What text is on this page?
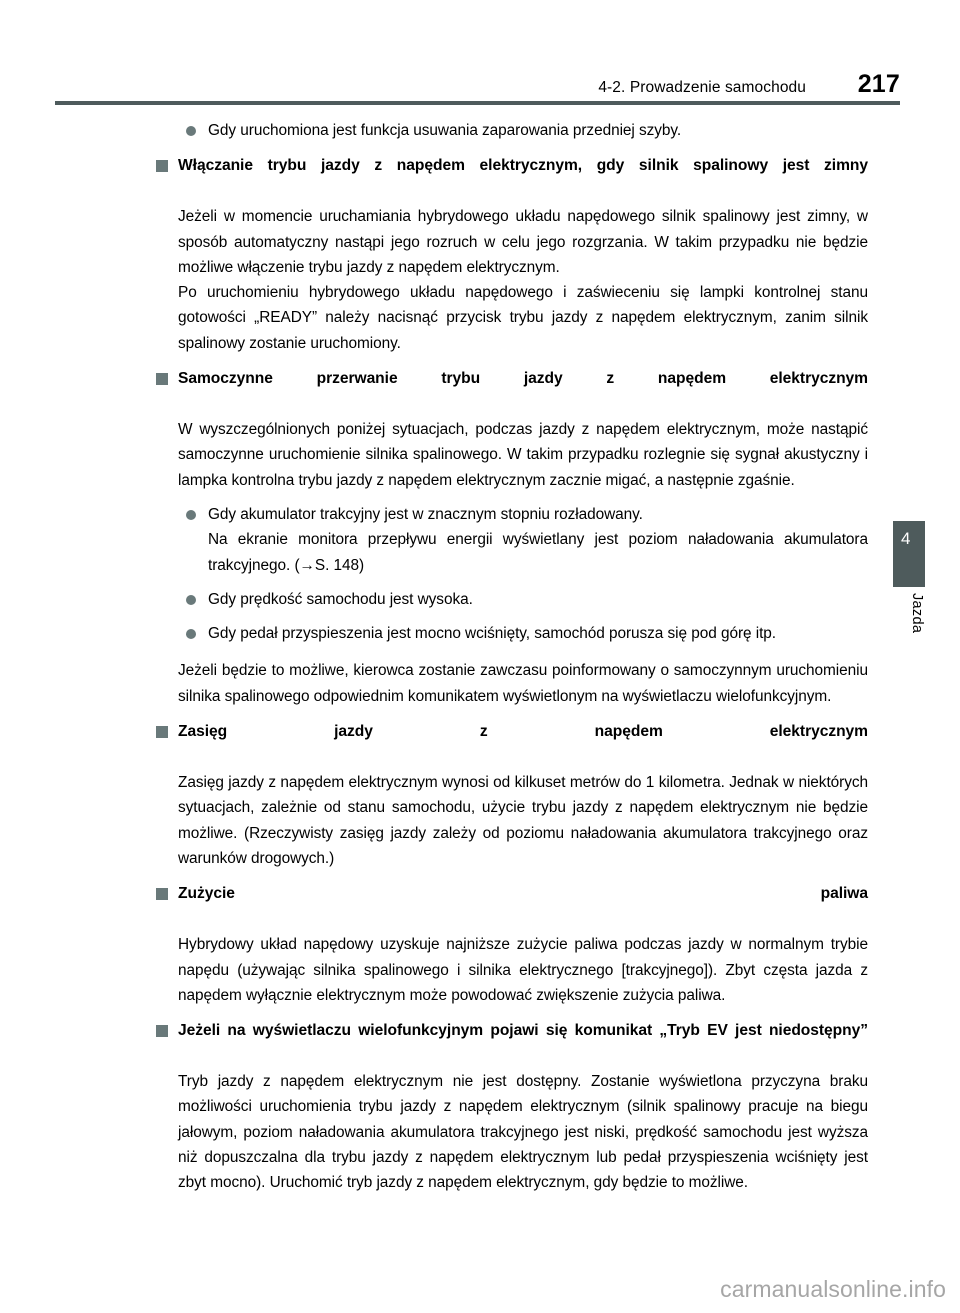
4-2. Prowadzenie samochodu	217
4
Jazda
Gdy uruchomiona jest funkcja usuwania zaparowania przedniej szyby.
Włączanie trybu jazdy z napędem elektrycznym, gdy silnik spalinowy jest zimny
Jeżeli w momencie uruchamiania hybrydowego układu napędowego silnik spalinowy jest zimny, w sposób automatyczny nastąpi jego rozruch w celu jego rozgrzania. W takim przypadku nie będzie możliwe włączenie trybu jazdy z napędem elektrycznym.
Po uruchomieniu hybrydowego układu napędowego i zaświeceniu się lampki kontrolnej stanu gotowości „READY” należy nacisnąć przycisk trybu jazdy z napędem elektrycznym, zanim silnik spalinowy zostanie uruchomiony.
Samoczynne przerwanie trybu jazdy z napędem elektrycznym
W wyszczególnionych poniżej sytuacjach, podczas jazdy z napędem elektrycznym, może nastąpić samoczynne uruchomienie silnika spalinowego. W takim przypadku rozlegnie się sygnał akustyczny i lampka kontrolna trybu jazdy z napędem elektrycznym zacznie migać, a następnie zgaśnie.
Gdy akumulator trakcyjny jest w znacznym stopniu rozładowany.
Na ekranie monitora przepływu energii wyświetlany jest poziom naładowania akumulatora trakcyjnego. (→S. 148)
Gdy prędkość samochodu jest wysoka.
Gdy pedał przyspieszenia jest mocno wciśnięty, samochód porusza się pod górę itp.
Jeżeli będzie to możliwe, kierowca zostanie zawczasu poinformowany o samoczynnym uruchomieniu silnika spalinowego odpowiednim komunikatem wyświetlonym na wyświetlaczu wielofunkcyjnym.
Zasięg jazdy z napędem elektrycznym
Zasięg jazdy z napędem elektrycznym wynosi od kilkuset metrów do 1 kilometra. Jednak w niektórych sytuacjach, zależnie od stanu samochodu, użycie trybu jazdy z napędem elektrycznym nie będzie możliwe. (Rzeczywisty zasięg jazdy zależy od poziomu naładowania akumulatora trakcyjnego oraz warunków drogowych.)
Zużycie paliwa
Hybrydowy układ napędowy uzyskuje najniższe zużycie paliwa podczas jazdy w normalnym trybie napędu (używając silnika spalinowego i silnika elektrycznego [trakcyjnego]). Zbyt częsta jazda z napędem wyłącznie elektrycznym może powodować zwiększenie zużycia paliwa.
Jeżeli na wyświetlaczu wielofunkcyjnym pojawi się komunikat „Tryb EV jest niedostępny”
Tryb jazdy z napędem elektrycznym nie jest dostępny. Zostanie wyświetlona przyczyna braku możliwości uruchomienia trybu jazdy z napędem elektrycznym (silnik spalinowy pracuje na biegu jałowym, poziom naładowania akumulatora trakcyjnego jest niski, prędkość samochodu jest wyższa niż dopuszczalna dla trybu jazdy z napędem elektrycznym lub pedał przyspieszenia wciśnięty jest zbyt mocno). Uruchomić tryb jazdy z napędem elektrycznym, gdy będzie to możliwe.
carmanualsonline.info
